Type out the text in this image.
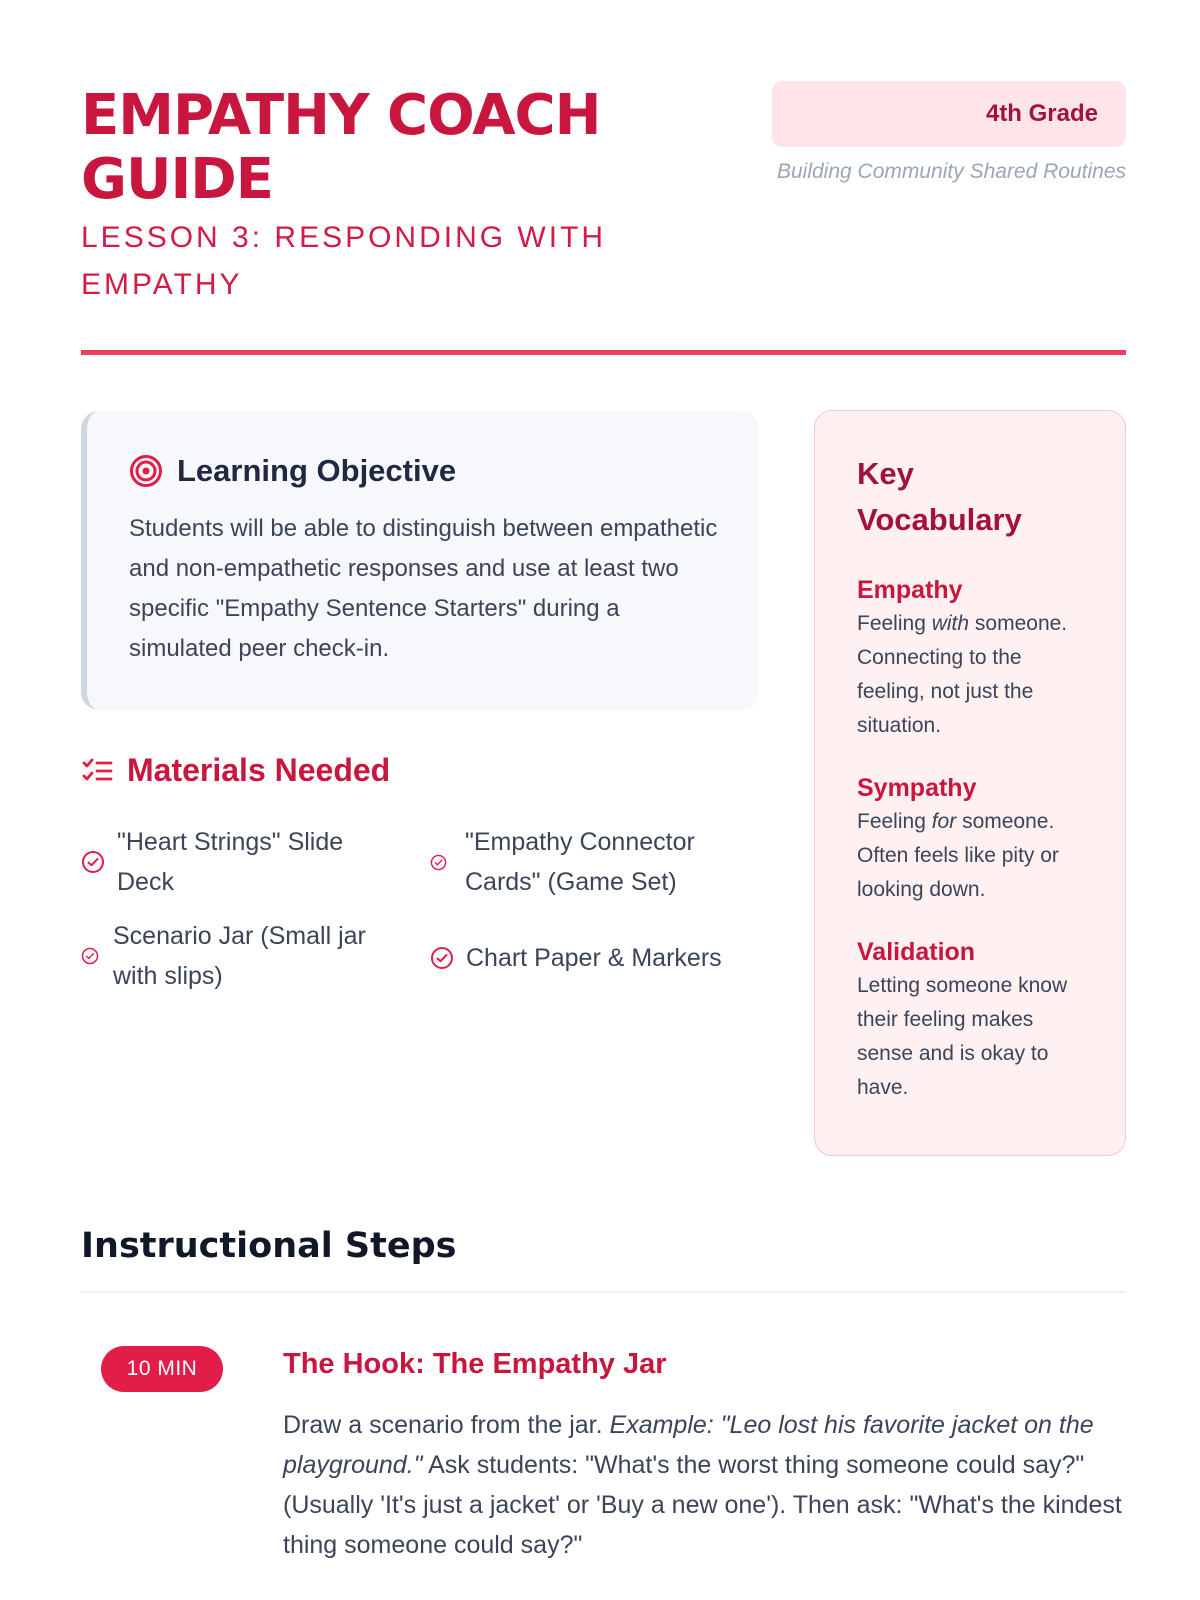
EMPATHY COACH GUIDE
LESSON 3: RESPONDING WITH EMPATHY
4th Grade
Building Community Shared Routines
Learning Objective
Students will be able to distinguish between empathetic and non-empathetic responses and use at least two specific "Empathy Sentence Starters" during a simulated peer check-in.
Materials Needed
"Heart Strings" Slide Deck
"Empathy Connector Cards" (Game Set)
Scenario Jar (Small jar with slips)
Chart Paper & Markers
Key Vocabulary
Empathy
Feeling with someone. Connecting to the feeling, not just the situation.
Sympathy
Feeling for someone. Often feels like pity or looking down.
Validation
Letting someone know their feeling makes sense and is okay to have.
Instructional Steps
10 MIN	The Hook: The Empathy Jar
Draw a scenario from the jar. Example: "Leo lost his favorite jacket on the playground." Ask students: "What's the worst thing someone could say?" (Usually 'It's just a jacket' or 'Buy a new one'). Then ask: "What's the kindest thing someone could say?"
